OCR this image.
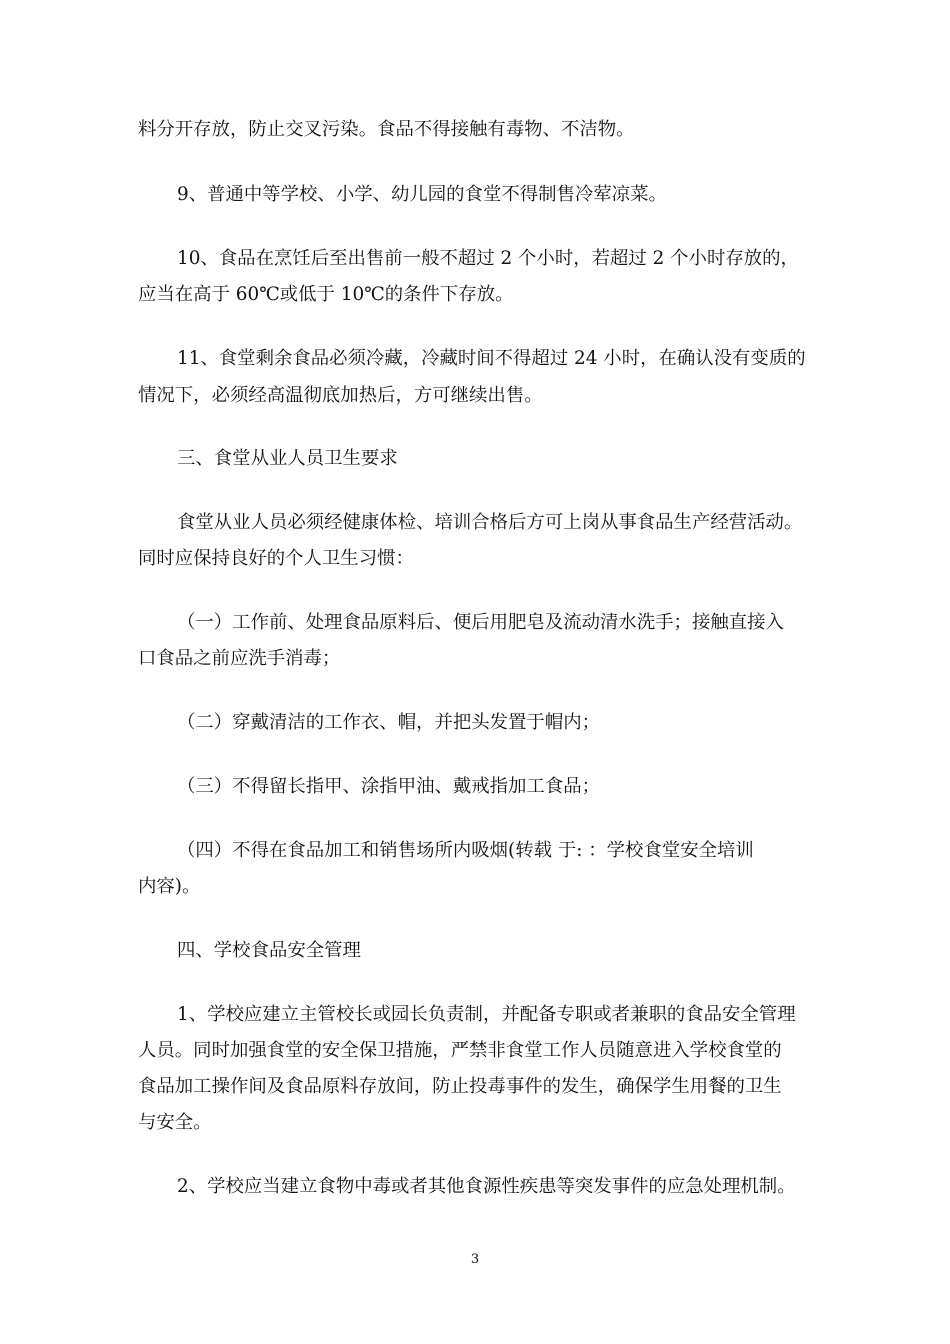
料分开存放，防止交叉污染。食品不得接触有毒物、不洁物。
9、普通中等学校、小学、幼儿园的食堂不得制售冷荤凉菜。
10、食品在烹饪后至出售前一般不超过 2 个小时，若超过 2 个小时存放的，
应当在高于 60℃或低于 10℃的条件下存放。
11、食堂剩余食品必须冷藏，冷藏时间不得超过 24 小时，在确认没有变质的
情况下，必须经高温彻底加热后，方可继续出售。
三、食堂从业人员卫生要求
食堂从业人员必须经健康体检、培训合格后方可上岗从事食品生产经营活动。
同时应保持良好的个人卫生习惯：
（一）工作前、处理食品原料后、便后用肥皂及流动清水洗手；接触直接入
口食品之前应洗手消毒；
（二）穿戴清洁的工作衣、帽，并把头发置于帽内；
（三）不得留长指甲、涂指甲油、戴戒指加工食品；
（四）不得在食品加工和销售场所内吸烟(转载 于: ：学校食堂安全培训
内容)。
四、学校食品安全管理
1、学校应建立主管校长或园长负责制，并配备专职或者兼职的食品安全管理
人员。同时加强食堂的安全保卫措施，严禁非食堂工作人员随意进入学校食堂的
食品加工操作间及食品原料存放间，防止投毒事件的发生，确保学生用餐的卫生
与安全。
2、学校应当建立食物中毒或者其他食源性疾患等突发事件的应急处理机制。
3
